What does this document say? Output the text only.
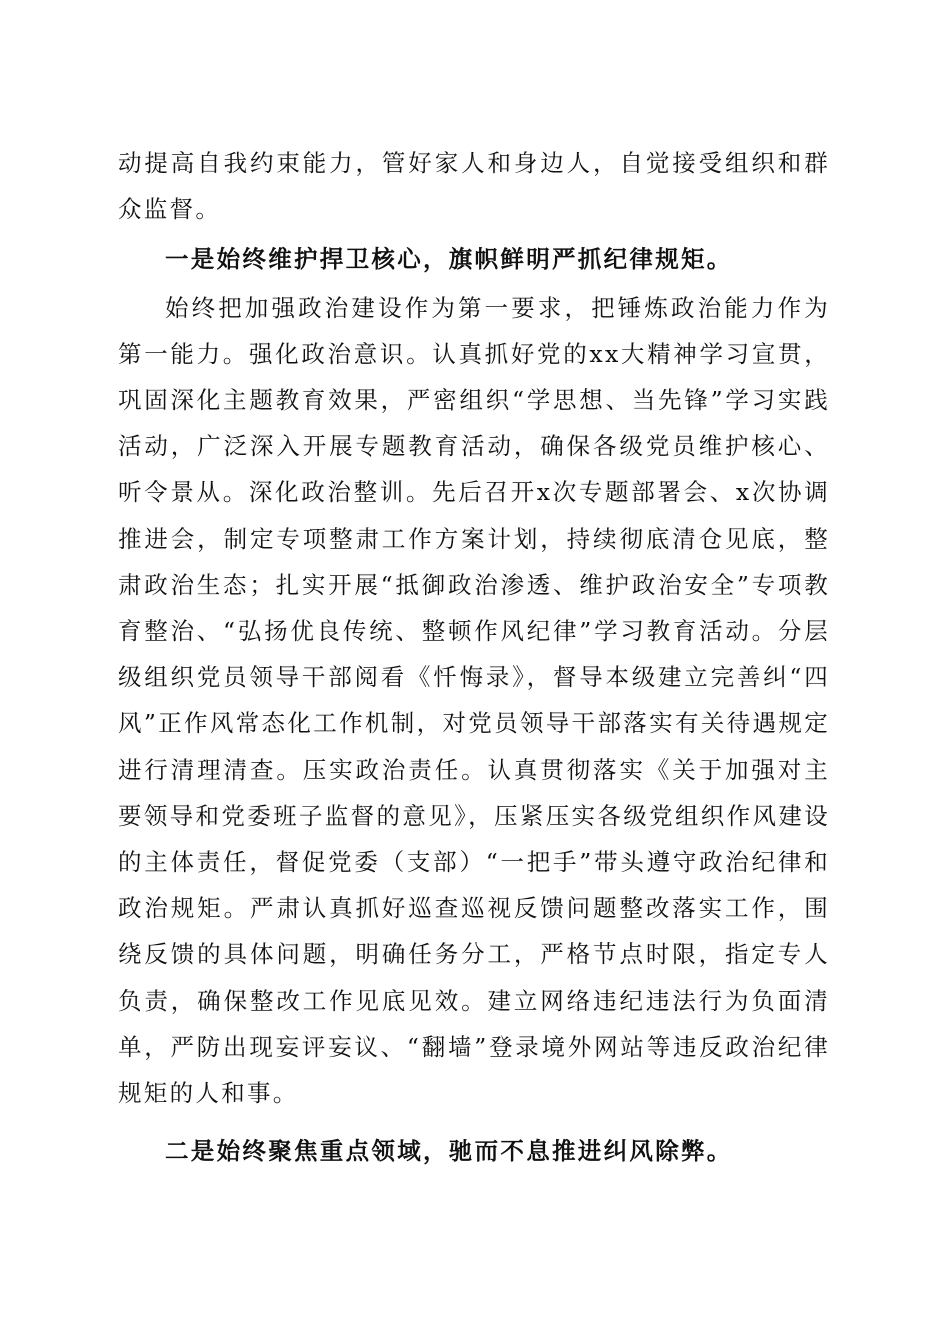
动提高自我约束能力，管好家人和身边人，自觉接受组织和群众监督。

一是始终维护捍卫核心，旗帜鲜明严抓纪律规矩。

始终把加强政治建设作为第一要求，把锤炼政治能力作为第一能力。强化政治意识。认真抓好党的xx大精神学习宣贯，巩固深化主题教育效果，严密组织“学思想、当先锋”学习实践活动，广泛深入开展专题教育活动，确保各级党员维护核心、听令景从。深化政治整训。先后召开x次专题部署会、x次协调推进会，制定专项整肃工作方案计划，持续彻底清仓见底，整肃政治生态；扎实开展“抵御政治渗透、维护政治安全”专项教育整治、“弘扬优良传统、整顿作风纪律”学习教育活动。分层级组织党员领导干部阅看《忏悔录》，督导本级建立完善纠“四风”正作风常态化工作机制，对党员领导干部落实有关待遇规定进行清理清查。压实政治责任。认真贯彻落实《关于加强对主要领导和党委班子监督的意见》，压紧压实各级党组织作风建设的主体责任，督促党委（支部）“一把手”带头遵守政治纪律和政治规矩。严肃认真抓好巡查巡视反馈问题整改落实工作，围绕反馈的具体问题，明确任务分工，严格节点时限，指定专人负责，确保整改工作见底见效。建立网络违纪违法行为负面清单，严防出现妄评妄议、“翻墙”登录境外网站等违反政治纪律规矩的人和事。

二是始终聚焦重点领域，驰而不息推进纠风除弊。
